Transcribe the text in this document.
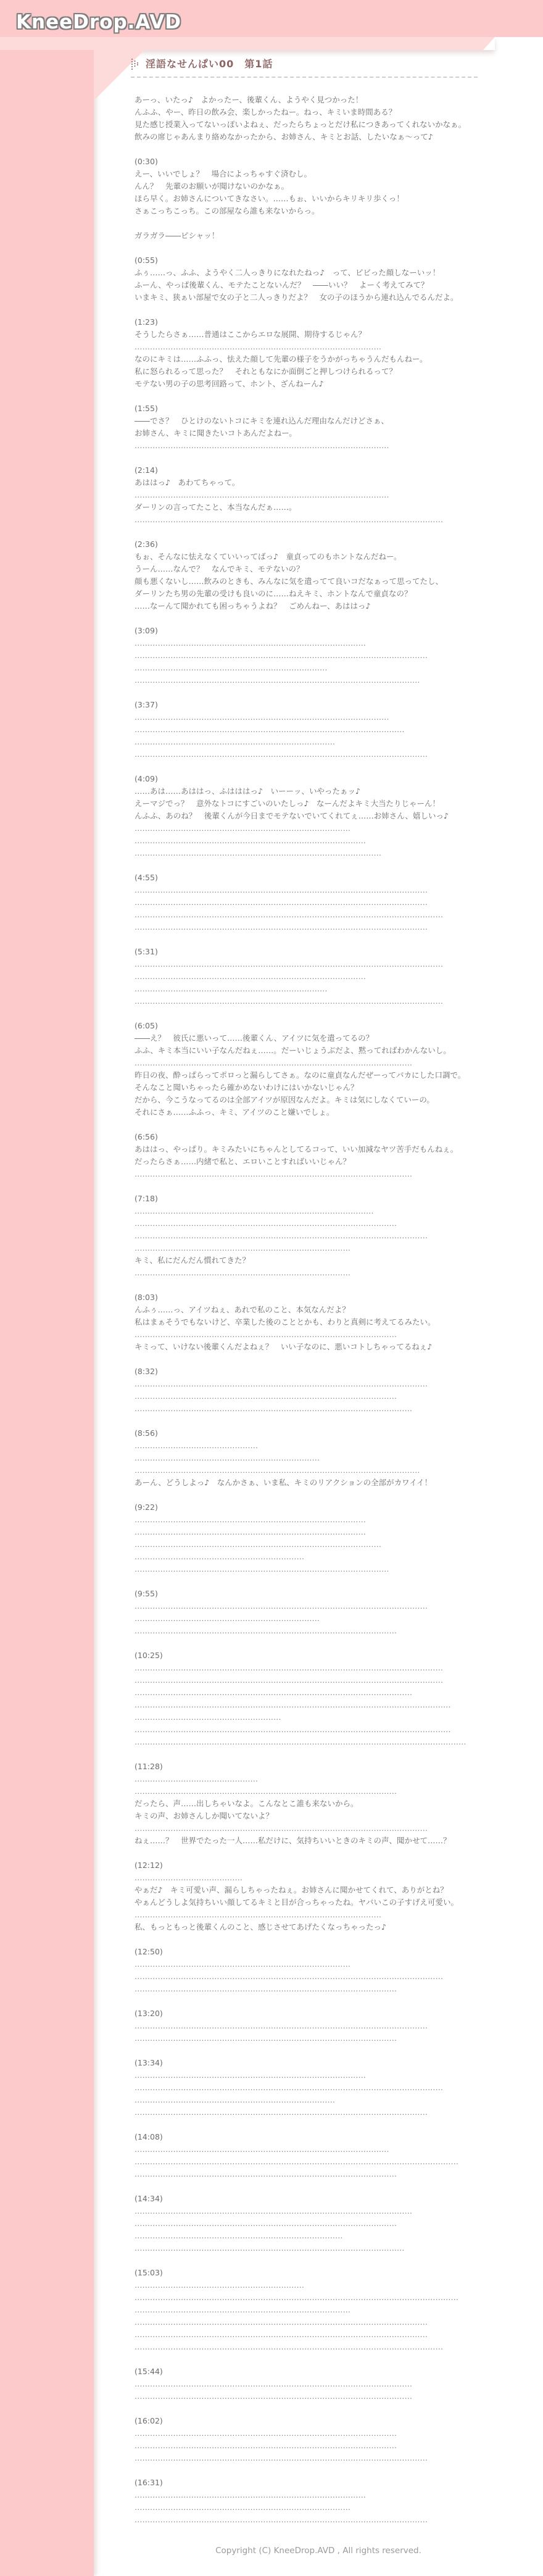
KneeDrop.AVD
淫語なせんぱい00　第1話
あーっ、いたっ♪　よかったー、後輩くん、ようやく見つかった！
んふふ、やー、昨日の飲み会、楽しかったねー。ねっ、キミいま時間ある？
見た感じ授業入ってないっぽいよねぇ、だったらちょっとだけ私につきあってくれないかなぁ。
飲みの席じゃあんまり絡めなかったから、お姉さん、キミとお話、したいなぁ～って♪
(0:30)
えー、いいでしょ？　場合によっちゃすぐ済むし。
んん？　先輩のお願いが聞けないのかなぁ。
ほら早く。お姉さんについてきなさい。……もぉ、いいからキリキリ歩くっ！
さぁこっちこっち。この部屋なら誰も来ないからっ。
ガラガラ――ピシャッ！
(0:55)
ふぅ……っ、ふふ、ようやく二人っきりになれたねっ♪　って、ビビった顔しなーいッ！
ふーん、やっぱ後輩くん、モテたことないんだ？　――いい？　よーく考えてみて？
いまキミ、狭ぁい部屋で女の子と二人っきりだよ？　女の子のほうから連れ込んでるんだよ。
(1:23)
そうしたらさぁ……普通はここからエロな展開、期待するじゃん？
……………………………………………………………………………………
なのにキミは……ふふっ、怯えた顔して先輩の様子をうかがっちゃうんだもんねー。
私に怒られるって思った？　それともなにか面倒ごと押しつけられるって？
モテない男の子の思考回路って、ホント、ざんねーん♪
(1:55)
――でさ？　ひとけのないトコにキミを連れ込んだ理由なんだけどさぁ、
お姉さん、キミに聞きたいコトあんだよねー。
………………………………………………………………………………………
(2:14)
あははっ♪　あわてちゃって。
………………………………………………………………………………………
ダーリンの言ってたこと、本当なんだぁ……。
…………………………………………………………………………………………………………
(2:36)
もぉ、そんなに怯えなくていいってばっ♪　童貞ってのもホントなんだねー。
うーん……なんで？　なんでキミ、モテないの？
顔も悪くないし……飲みのときも、みんなに気を遣ってて良いコだなぁって思ってたし、
ダーリンたち男の先輩の受けも良いのに……ねえキミ、ホントなんで童貞なの？
……なーんて聞かれても困っちゃうよね？　ごめんねー、あははっ♪
(3:09)
………………………………………………………………………………
……………………………………………………………………………………………………
…………………………………………………………………
…………………………………………………………………………………………………
(3:37)
………………………………………………………………………………………
……………………………………………………………………………………………
……………………………………………………………………
……………………………………………………………………………………………………
(4:09)
……あは……あははっ、ふはははっ♪　いーーッ、いやったぁッ♪
えーマジでっ？　意外なトコにすごいのいたしっ♪　なーんだよキミ大当たりじゃーん！
んふふ、あのね？　後輩くんが今日までモテないでいてくれてぇ……お姉さん、嬉しいっ♪
…………………………………………………………………………
………………………………………………………………………………
……………………………………………………………………………………
(4:55)
……………………………………………………………………………………………………
……………………………………………………………………………………………………
…………………………………………………………………………………………………………
……………………………………………………………………………………………………
(5:31)
…………………………………………………………………………………………………………
………………………………………………………………………………
…………………………………………………………………
…………………………………………………………………………………………………………
(6:05)
――え？　彼氏に悪いって……後輩くん、アイツに気を遣ってるの？
ふふ、キミ本当にいい子なんだねぇ……。だーいじょうぶだよ、黙ってればわかんないし。
………………………………………………………………………………………………
昨日の夜、酔っぱらってポロっと漏らしてさぁ。なのに童貞なんだぜーってバカにした口調で。
そんなこと聞いちゃったら確かめないわけにはいかないじゃん？
だから、今こうなってるのは全部アイツが原因なんだよ。キミは気にしなくていーの。
それにさぁ……ふふっ、キミ、アイツのこと嫌いでしょ。
(6:56)
あははっ、やっぱり。キミみたいにちゃんとしてるコって、いい加減なヤツ苦手だもんねぇ。
だったらさぁ……内緒で私と、エロいことすればいいじゃん？
………………………………………………………………………………………………
(7:18)
…………………………………………………………………………………
…………………………………………………………………………………………
……………………………………………………………………………………………………
…………………………………………………………………………
キミ、私にだんだん慣れてきた？
…………………………………………………………………………
(8:03)
んふぅ……っ、アイツねぇ、あれで私のこと、本気なんだよ？
私はまぁそうでもないけど、卒業した後のこととかも、わりと真剣に考えてるみたい。
…………………………………………………………………………………………
キミって、いけない後輩くんだよねぇ？　いい子なのに、悪いコトしちゃってるねぇ♪
(8:32)
……………………………………………………………………………………………………
…………………………………………………………………………………………
………………………………………………………………………………………………
(8:56)
…………………………………………
………………………………………………………………
…………………………………………………………………………………………………
あーん、どうしよっ♪　なんかさぁ、いま私、キミのリアクションの全部がカワイイ！
(9:22)
………………………………………………………………………………
………………………………………………………………………………
……………………………………………………………………………………
…………………………………………………………
………………………………………………………………………………………
(9:55)
……………………………………………………………………………………………………
………………………………………………………………
…………………………………………………………………………………………
(10:25)
…………………………………………………………………………………………………………
…………………………………………………………………………………………………………
………………………………………………………………………………………………
……………………………………………………………………………………………………………
…………………………………………………
……………………………………………………………………………………………………………
…………………………………………………………………………………………………………………
(11:28)
…………………………………………
…………………………………………………………………………………………
だったら、声……出しちゃいなよ。こんなとこ誰も来ないから。
キミの声、お姉さんしか聞いてないよ？
……………………………………………………………………………………………………
ねぇ……？　世界でたった一人……私だけに、気持ちいいときのキミの声、聞かせて……？
(12:12)
……………………………………
やぁだ♪　キミ可愛い声、漏らしちゃったねぇ。お姉さんに聞かせてくれて、ありがとね？
やぁんどうしよ気持ちいい顔してるキミと目が合っちゃったね。ヤバいこの子すげえ可愛い。
……………………………………………………………………………………
私、もっともっと後輩くんのこと、感じさせてあげたくなっちゃったっ♪
(12:50)
…………………………………………………………………………
…………………………………………………………………………………………………………
…………………………………………………………………………………………
(13:20)
……………………………………………………………………………………………………
…………………………………………………………………………………………
(13:34)
………………………………………………………………………………
…………………………………………………………………………………………………………
……………………………………………………………………
……………………………………………………………………………………………………
(14:08)
………………………………………………………………………………………
………………………………………………………………………………………………………………
…………………………………………………………………………………………
(14:34)
………………………………………………………………………………………………
…………………………………………………………………………………………
………………………………………………………………………
……………………………………………………………………………………………
(15:03)
…………………………………………………………
………………………………………………………………………………………………………………
…………………………………………………………………………
……………………………………………………………………………………………………
……………………………………………………………………………………………………
…………………………………………………………………………………………………………
(15:44)
………………………………………………………………………………………………
………………………………………………………………………………………………
(16:02)
…………………………………………………………………………………………
…………………………………………………………………………………………
……………………………………………………………………………………………………
(16:31)
………………………………………………………………………………
…………………………………………………………………………
……………………………………………………………………………………………………
Copyright (C) KneeDrop.AVD , All rights reserved.
